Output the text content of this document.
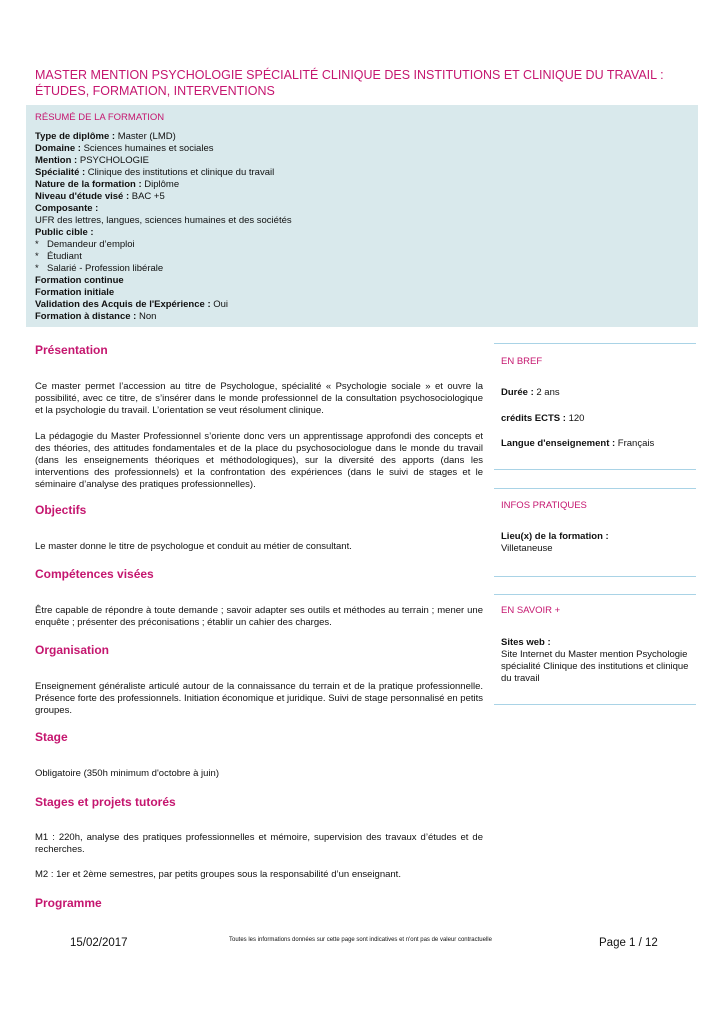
MASTER MENTION PSYCHOLOGIE SPÉCIALITÉ CLINIQUE DES INSTITUTIONS ET CLINIQUE DU TRAVAIL : ÉTUDES, FORMATION, INTERVENTIONS
RÉSUMÉ DE LA FORMATION
Type de diplôme : Master (LMD)
Domaine : Sciences humaines et sociales
Mention : PSYCHOLOGIE
Spécialité : Clinique des institutions et clinique du travail
Nature de la formation : Diplôme
Niveau d'étude visé : BAC +5
Composante :
UFR des lettres, langues, sciences humaines et des sociétés
Public cible :
* Demandeur d’emploi
* Étudiant
* Salarié - Profession libérale
Formation continue
Formation initiale
Validation des Acquis de l'Expérience : Oui
Formation à distance : Non
Présentation
Ce master permet l’accession au titre de Psychologue, spécialité « Psychologie sociale » et ouvre la possibilité, avec ce titre, de s’insérer dans le monde professionnel de la consultation psychosociologique et la psychologie du travail. L’orientation se veut résolument clinique.
La pédagogie du Master Professionnel s’oriente donc vers un apprentissage approfondi des concepts et des théories, des attitudes fondamentales et de la place du psychosociologue dans le monde du travail (dans les enseignements théoriques et méthodologiques), sur la diversité des apports (dans les interventions des professionnels) et la confrontation des expériences (dans le suivi de stages et le séminaire d’analyse des pratiques professionnelles).
Objectifs
Le master donne le titre de psychologue et conduit au métier de consultant.
Compétences visées
Être capable de répondre à toute demande ; savoir adapter ses outils et méthodes au terrain ; mener une enquête ; présenter des préconisations ; établir un cahier des charges.
Organisation
Enseignement généraliste articulé autour de la connaissance du terrain et de la pratique professionnelle. Présence forte des professionnels. Initiation économique et juridique. Suivi de stage personnalisé en petits groupes.
Stage
Obligatoire (350h minimum d'octobre à juin)
Stages et projets tutorés
M1 : 220h, analyse des pratiques professionnelles et mémoire, supervision des travaux d’études et de recherches.
M2 : 1er et 2ème semestres, par petits groupes sous la responsabilité d’un enseignant.
Programme
EN BREF
Durée : 2 ans
crédits ECTS : 120
Langue d'enseignement : Français
INFOS PRATIQUES
Lieu(x) de la formation :
Villetaneuse
EN SAVOIR +
Sites web :
Site Internet du Master mention Psychologie spécialité Clinique des institutions et clinique du travail
15/02/2017	Toutes les informations données sur cette page sont indicatives et n'ont pas de valeur contractuelle	Page 1 / 12
